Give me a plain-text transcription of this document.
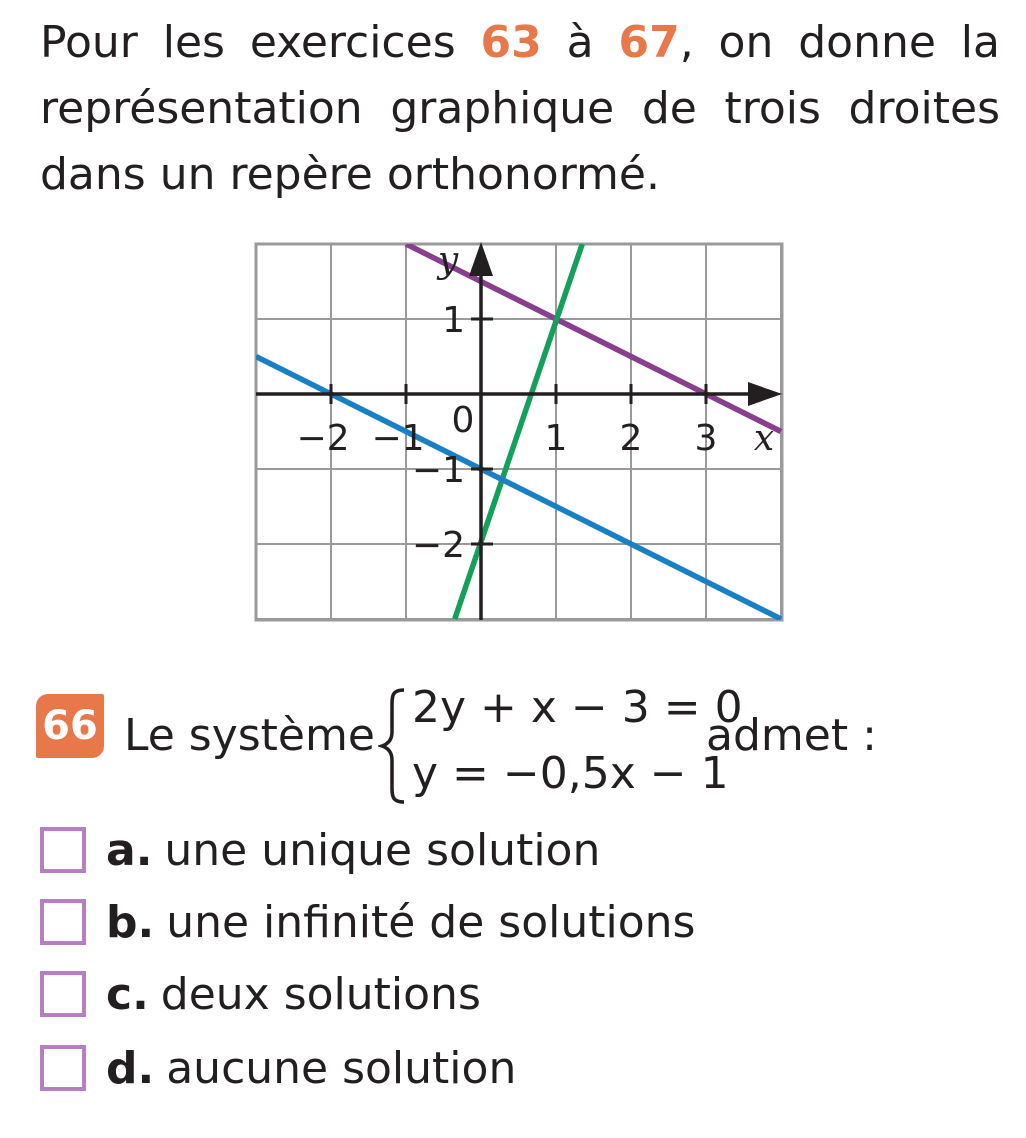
Pour les exercices 63 à 67, on donne la représentation graphique de trois droites dans un repère orthonormé.
−2 −1	1 2 3
1
−1
−2
0	x
y
66 Le système
2y + x − 3 = 0
y = −0,5x − 1
admet :
a. une unique solution
b. une infinité de solutions
c. deux solutions
d. aucune solution
